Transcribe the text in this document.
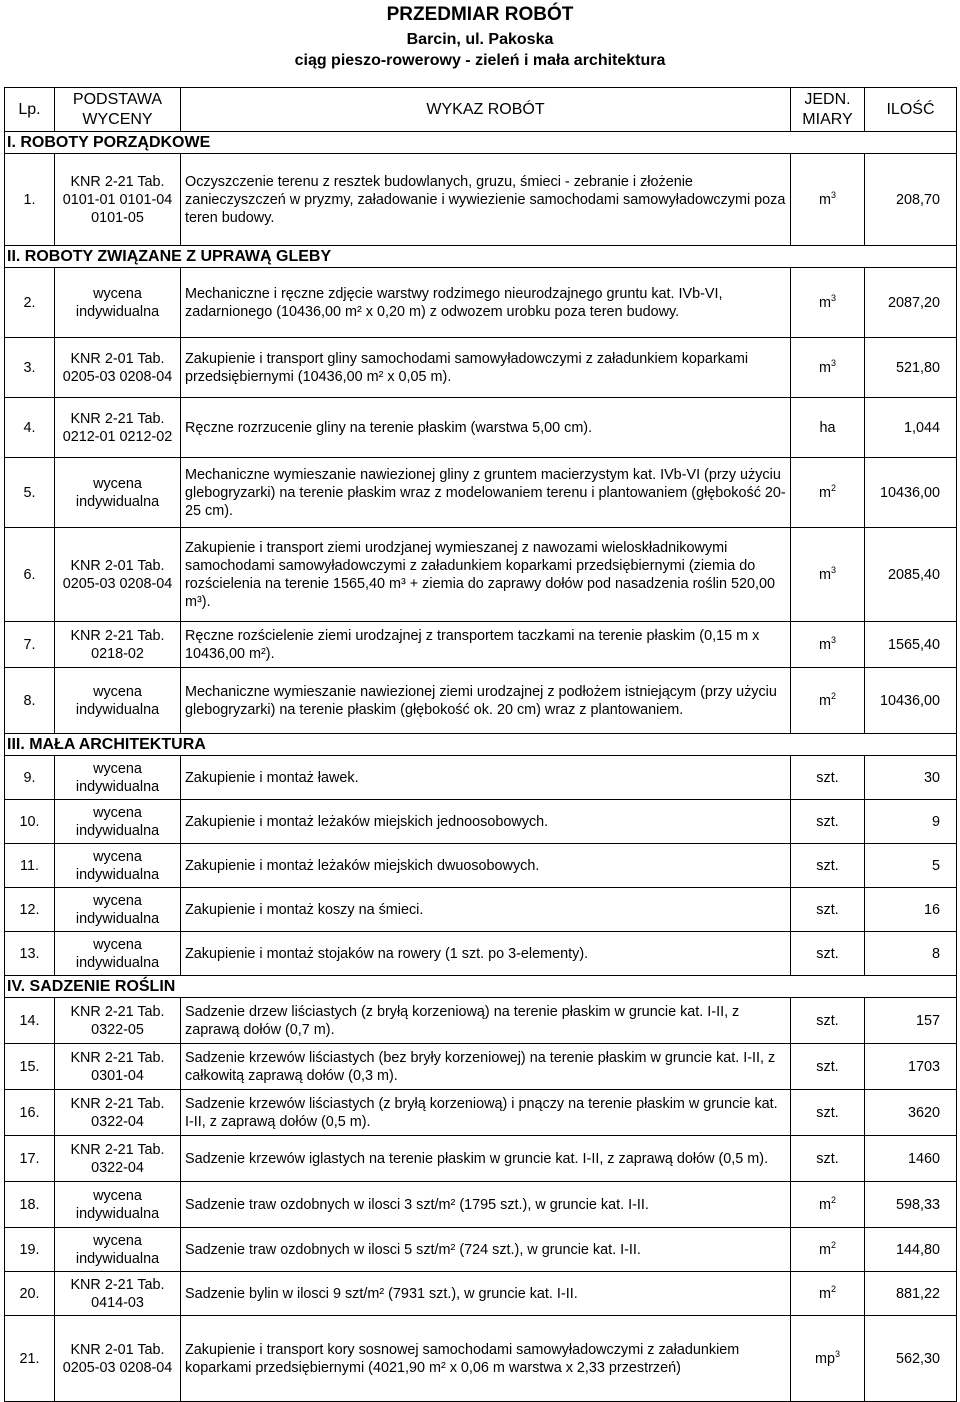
PRZEDMIAR ROBÓT
Barcin, ul. Pakoska
ciąg pieszo-rowerowy - zieleń i mała architektura
Lp.	PODSTAWA WYCENY	WYKAZ ROBÓT	JEDN. MIARY	ILOŚĆ
I. ROBOTY PORZĄDKOWE				
1.	KNR 2-21 Tab. 0101-01 0101-04 0101-05	Oczyszczenie terenu z resztek budowlanych, gruzu, śmieci - zebranie i złożenie zanieczyszczeń w pryzmy, załadowanie i wywiezienie samochodami samowyładowczymi poza teren budowy.	$m^3$	208,70
II. ROBOTY ZWIĄZANE Z UPRAWĄ GLEBY				
2.	wycena indywidualna	Mechaniczne i ręczne zdjęcie warstwy rodzimego nieurodzajnego gruntu kat. IVb-VI, zadarnionego (10436,00 m² x 0,20 m) z odwozem urobku poza teren budowy.	$m^3$	2087,20
3.	KNR 2-01 Tab. 0205-03 0208-04	Zakupienie i transport gliny samochodami samowyładowczymi z załadunkiem koparkami przedsiębiernymi (10436,00 m² x 0,05 m).	$m^3$	521,80
4.	KNR 2-21 Tab. 0212-01 0212-02	Ręczne rozrzucenie gliny na terenie płaskim (warstwa 5,00 cm).	ha	1,044
5.	wycena indywidualna	Mechaniczne wymieszanie nawiezionej gliny z gruntem macierzystym kat. IVb-VI (przy użyciu glebogryzarki) na terenie płaskim wraz z modelowaniem terenu i plantowaniem (głębokość 20-25 cm).	$m^2$	10436,00
6.	KNR 2-01 Tab. 0205-03 0208-04	Zakupienie i transport ziemi urodzjanej wymieszanej z nawozami wieloskładnikowymi samochodami samowyładowczymi z załadunkiem koparkami przedsiębiernymi (ziemia do rozścielenia na terenie 1565,40 m³ + ziemia do zaprawy dołów pod nasadzenia roślin 520,00 m³).	$m^3$	2085,40
7.	KNR 2-21 Tab. 0218-02	Ręczne rozścielenie ziemi urodzajnej z transportem taczkami na terenie płaskim (0,15 m x 10436,00 m²).	$m^3$	1565,40
8.	wycena indywidualna	Mechaniczne wymieszanie nawiezionej ziemi urodzajnej z podłożem istniejącym (przy użyciu glebogryzarki) na terenie płaskim (głębokość ok. 20 cm) wraz z plantowaniem.	$m^2$	10436,00
III. MAŁA ARCHITEKTURA				
9.	wycena indywidualna	Zakupienie i montaż ławek.	szt.	30
10.	wycena indywidualna	Zakupienie i montaż leżaków miejskich jednoosobowych.	szt.	9
11.	wycena indywidualna	Zakupienie i montaż leżaków miejskich dwuosobowych.	szt.	5
12.	wycena indywidualna	Zakupienie i montaż koszy na śmieci.	szt.	16
13.	wycena indywidualna	Zakupienie i montaż stojaków na rowery (1 szt. po 3-elementy).	szt.	8
IV. SADZENIE ROŚLIN				
14.	KNR 2-21 Tab. 0322-05	Sadzenie drzew liściastych (z bryłą korzeniową) na terenie płaskim w gruncie kat. I-II, z zaprawą dołów (0,7 m).	szt.	157
15.	KNR 2-21 Tab. 0301-04	Sadzenie krzewów liściastych (bez bryły korzeniowej) na terenie płaskim w gruncie kat. I-II, z całkowitą zaprawą dołów (0,3 m).	szt.	1703
16.	KNR 2-21 Tab. 0322-04	Sadzenie krzewów liściastych (z bryłą korzeniową) i pnączy na terenie płaskim w gruncie kat. I-II, z zaprawą dołów (0,5 m).	szt.	3620
17.	KNR 2-21 Tab. 0322-04	Sadzenie krzewów iglastych na terenie płaskim w gruncie kat. I-II, z zaprawą dołów (0,5 m).	szt.	1460
18.	wycena indywidualna	Sadzenie traw ozdobnych w ilosci 3 szt/m² (1795 szt.), w gruncie kat. I-II.	$m^2$	598,33
19.	wycena indywidualna	Sadzenie traw ozdobnych w ilosci 5 szt/m² (724 szt.), w gruncie kat. I-II.	$m^2$	144,80
20.	KNR 2-21 Tab. 0414-03	Sadzenie bylin w ilosci 9 szt/m² (7931 szt.), w gruncie kat. I-II.	$m^2$	881,22
21.	KNR 2-01 Tab. 0205-03 0208-04	Zakupienie i transport kory sosnowej samochodami samowyładowczymi z załadunkiem koparkami przedsiębiernymi (4021,90 m² x 0,06 m warstwa x 2,33 przestrzeń)	$mp^3$	562,30
